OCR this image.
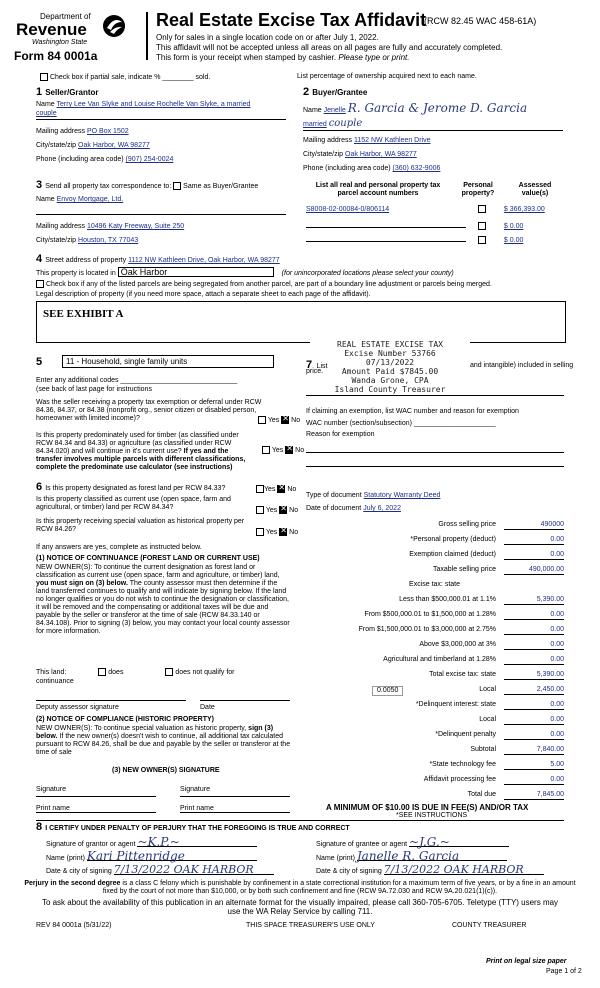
Department of
Revenue
Washington State
Form 84 0001a
Real Estate Excise Tax Affidavit
(RCW 82.45 WAC 458-61A)
Only for sales in a single location code on or after July 1, 2022.
This affidavit will not be accepted unless all areas on all pages are fully and accurately completed.
This form is your receipt when stamped by cashier. Please type or print.
Check box if partial sale, indicate % ________ sold.	List percentage of ownership acquired next to each name.
1 Seller/Grantor
Name Terry Lee Van Slyke and Louise Rochelle Van Slyke, a married
couple
Mailing address PO Box 1502
City/state/zip Oak Harbor, WA 98277
Phone (including area code) (907) 254-0024
2 Buyer/Grantee
Name Jenelle R. Garcia & Jerome D. Garcia
married couple
Mailing address 1152 NW Kathleen Drive
City/state/zip Oak Harbor, WA 98277
Phone (including area code) (360) 632-9006
3 Send all property tax correspondence to: Same as Buyer/Grantee
Name Envoy Mortgage, Ltd.
Mailing address 10496 Katy Freeway, Suite 250
City/state/zip Houston, TX 77043
List all real and personal property tax parcel account numbers
Personal property?
Assessed value(s)
S8008-02-00084-0/806114	$ 366,393.00
$ 0.00
$ 0.00
4 Street address of property 1112 NW Kathleen Drive, Oak Harbor, WA 98277
This property is located in Oak Harbor	(for unincorporated locations please select your county)
Check box if any of the listed parcels are being segregated from another parcel, are part of a boundary line adjustment or parcels being merged.
Legal description of property (if you need more space, attach a separate sheet to each page of the affidavit).
SEE EXHIBIT A
REAL ESTATE EXCISE TAX
Excise Number 53766
07/13/2022
Amount Paid $7845.00
Wanda Grone, CPA
Island County Treasurer
5	11 - Household, single family units
Enter any additional codes ______________________________
(see back of last page for instructions
Was the seller receiving a property tax exemption or deferral under RCW 84.36, 84.37, or 84.38 (nonprofit org., senior citizen or disabled person, homeowner with limited income)?	Yes ✕ No
Is this property predominately used for timber (as classified under RCW 84.34 and 84.33) or agriculture (as classified under RCW 84.34.020) and will continue in it's current use? If yes and the transfer involves multiple parcels with different classifications, complete the predominate use calculator (see instructions)
Yes ✕ No
7 List
price.
and intangible) included in selling
If claiming an exemption, list WAC number and reason for exemption
WAC number (section/subsection) _____________________
Reason for exemption
6 Is this property designated as forest land per RCW 84.33?	Yes ✕ No
Is this property classified as current use (open space, farm and agricultural, or timber) land per RCW 84.34?	Yes ✕ No
Is this property receiving special valuation as historical property per RCW 84.26?	Yes ✕ No
If any answers are yes, complete as instructed below.
(1) NOTICE OF CONTINUANCE (FOREST LAND OR CURRENT USE)
NEW OWNER(S): To continue the current designation as forest land or classification as current use (open space, farm and agriculture, or timber) land, you must sign on (3) below. The county assessor must then determine if the land transferred continues to qualify and will indicate by signing below. If the land no longer qualifies or you do not wish to continue the designation or classification, it will be removed and the compensating or additional taxes will be due and payable by the seller or transferor at the time of sale (RCW 84.33.140 or 84.34.108). Prior to signing (3) below, you may contact your local county assessor for more information.
This land:	does	does not qualify for
continuance
Deputy assessor signature	Date
(2) NOTICE OF COMPLIANCE (HISTORIC PROPERTY)
NEW OWNER(S): To continue special valuation as historic property, sign (3) below. If the new owner(s) doesn't wish to continue, all additional tax calculated pursuant to RCW 84.26, shall be due and payable by the seller or transferor at the time of sale
(3) NEW OWNER(S) SIGNATURE
Signature	Signature
Print name	Print name
Type of document Statutory Warranty Deed
Date of document July 6, 2022
Gross selling price	490000
*Personal property (deduct)	0.00
Exemption claimed (deduct)	0.00
Taxable selling price	490,000.00
Excise tax: state
Less than $500,000.01 at 1.1%	5,390.00
From $500,000.01 to $1,500,000 at 1.28%	0.00
From $1,500,000.01 to $3,000,000 at 2.75%	0.00
Above $3,000,000 at 3%	0.00
Agricultural and timberland at 1.28%	0.00
Total excise tax: state	5,390.00
0.0050	Local	2,450.00
*Delinquent interest: state	0.00
Local	0.00
*Delinquent penalty	0.00
Subtotal	7,840.00
*State technology fee	5.00
Affidavit processing fee	0.00
Total due	7,845.00
A MINIMUM OF $10.00 IS DUE IN FEE(S) AND/OR TAX
*SEE INSTRUCTIONS
8 I CERTIFY UNDER PENALTY OF PERJURY THAT THE FOREGOING IS TRUE AND CORRECT
Signature of grantor or agent ~K.P.~
Name (print) Kari Pittenridge
Date & city of signing 7/13/2022 OAK HARBOR
Signature of grantee or agent ~J.G.~
Name (print) Janelle R. Garcia
Date & city of signing 7/13/2022 OAK HARBOR
Perjury in the second degree is a class C felony which is punishable by confinement in a state correctional institution for a maximum term of five years, or by a fine in an amount fixed by the court of not more than $10,000, or by both such confinement and fine (RCW 9A.72.030 and RCW 9A.20.021(1)(c)).
To ask about the availability of this publication in an alternate format for the visually impaired, please call 360-705-6705. Teletype (TTY) users may use the WA Relay Service by calling 711.
REV 84 0001a (5/31/22)	THIS SPACE TREASURER'S USE ONLY	COUNTY TREASURER
Print on legal size paper
Page 1 of 2
